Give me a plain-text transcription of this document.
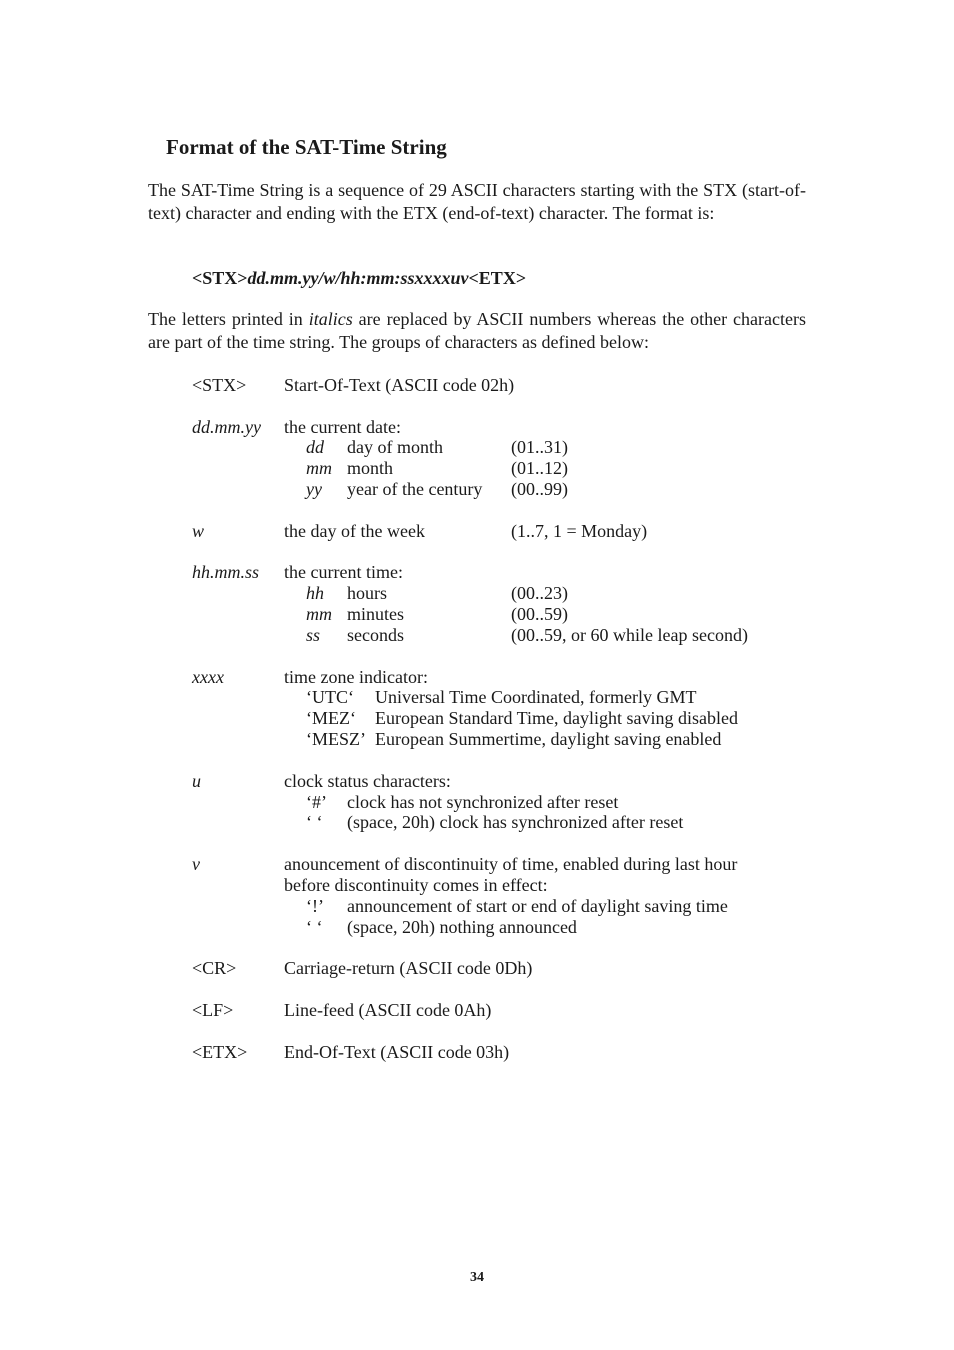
Format of the SAT-Time String

The SAT-Time String is a sequence of 29 ASCII characters starting with the STX (start-of-text) character and ending with the ETX (end-of-text) character. The format is:

<STX>dd.mm.yy/w/hh:mm:ssxxxxuv<ETX>

The letters printed in italics are replaced by ASCII numbers whereas the other characters are part of the time string. The groups of characters as defined below:

<STX> Start-Of-Text (ASCII code 02h)
dd.mm.yy the current date:
dd day of month	(01..31)
mm month	(01..12)
yy year of the century (00..99)
w	the day of the week	(1..7, 1 = Monday)
hh.mm.ss the current time:
hh hours	(00..23)
mm minutes	(00..59)
ss seconds	(00..59, or 60 while leap second)
xxxx	time zone indicator:
‘UTC‘ Universal Time Coordinated, formerly GMT
‘MEZ‘ European Standard Time, daylight saving disabled
‘MESZ’ European Summertime, daylight saving enabled
u	clock status characters:
‘#’ clock has not synchronized after reset
‘ ‘ (space, 20h) clock has synchronized after reset
v	anouncement of discontinuity of time, enabled during last hour
before discontinuity comes in effect:
‘!’ announcement of start or end of daylight saving time
‘ ‘ (space, 20h) nothing announced
<CR>	Carriage-return (ASCII code 0Dh)
<LF>	Line-feed (ASCII code 0Ah)
<ETX> End-Of-Text (ASCII code 03h)
34
